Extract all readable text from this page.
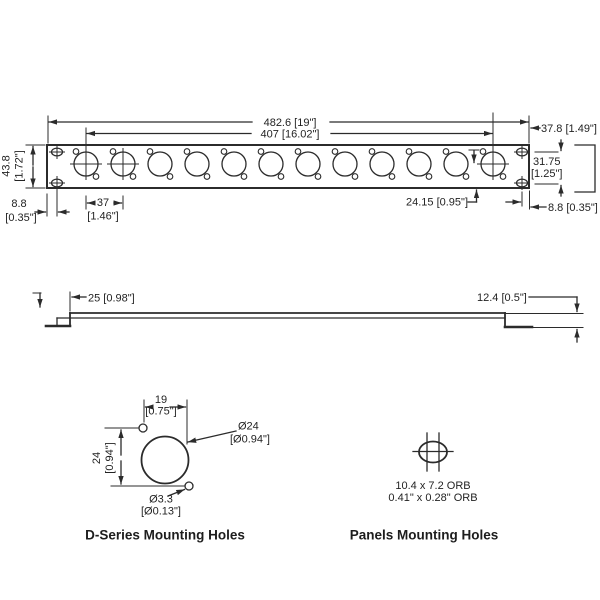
482.6 [19"]
407 [16.02"]	37.8 [1.49"]
43.8 [1.72"]
8.8
[0.35"]
37
[1.46"]
24.15 [0.95"]
31.75
[1.25"]
8.8 [0.35"]
25 [0.98"]	12.4 [0.5"]
24 [0.94"]
19
[0.75"]
Ø24
[Ø0.94"]
Ø3.3
[Ø0.13"]
D-Series Mounting Holes
10.4 x 7.2 ORB
0.41" x 0.28" ORB
Panels Mounting Holes
